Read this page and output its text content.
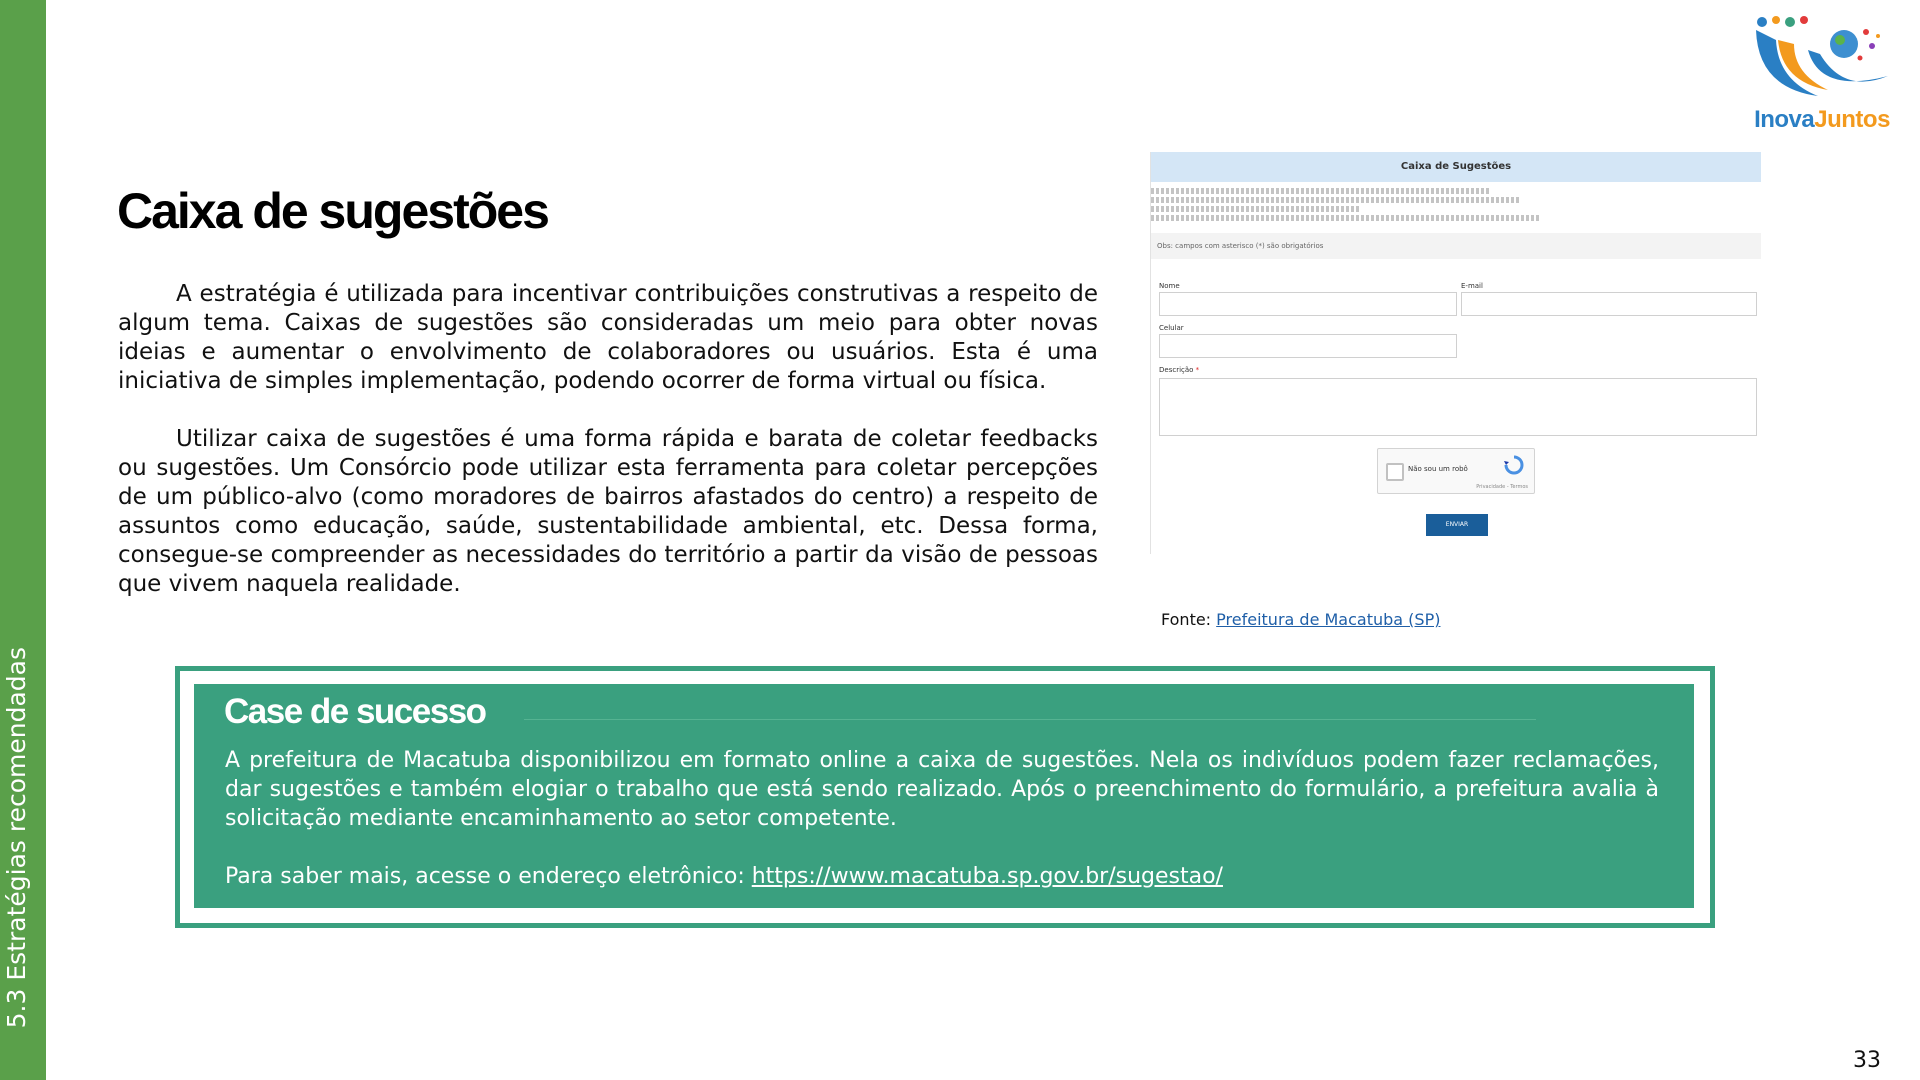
5.3 Estratégias recomendadas
InovaJuntos
Caixa de sugestões

A estratégia é utilizada para incentivar contribuições construtivas a respeito de algum tema. Caixas de sugestões são consideradas um meio para obter novas ideias e aumentar o envolvimento de colaboradores ou usuários. Esta é uma iniciativa de simples implementação, podendo ocorrer de forma virtual ou física.

Utilizar caixa de sugestões é uma forma rápida e barata de coletar feedbacks ou sugestões. Um Consórcio pode utilizar esta ferramenta para coletar percepções de um público-alvo (como moradores de bairros afastados do centro) a respeito de assuntos como educação, saúde, sustentabilidade ambiental, etc. Dessa forma, consegue-se compreender as necessidades do território a partir da visão de pessoas que vivem naquela realidade.

Caixa de Sugestões
Obs: campos com asterisco (*) são obrigatórios
Nome	E-mail
Celular
Descrição *
Não sou um robô
Privacidade - Termos
ENVIAR
Fonte: Prefeitura de Macatuba (SP)
Case de sucesso

A prefeitura de Macatuba disponibilizou em formato online a caixa de sugestões. Nela os indivíduos podem fazer reclamações, dar sugestões e também elogiar o trabalho que está sendo realizado. Após o preenchimento do formulário, a prefeitura avalia à solicitação mediante encaminhamento ao setor competente.

Para saber mais, acesse o endereço eletrônico: https://www.macatuba.sp.gov.br/sugestao/

33
